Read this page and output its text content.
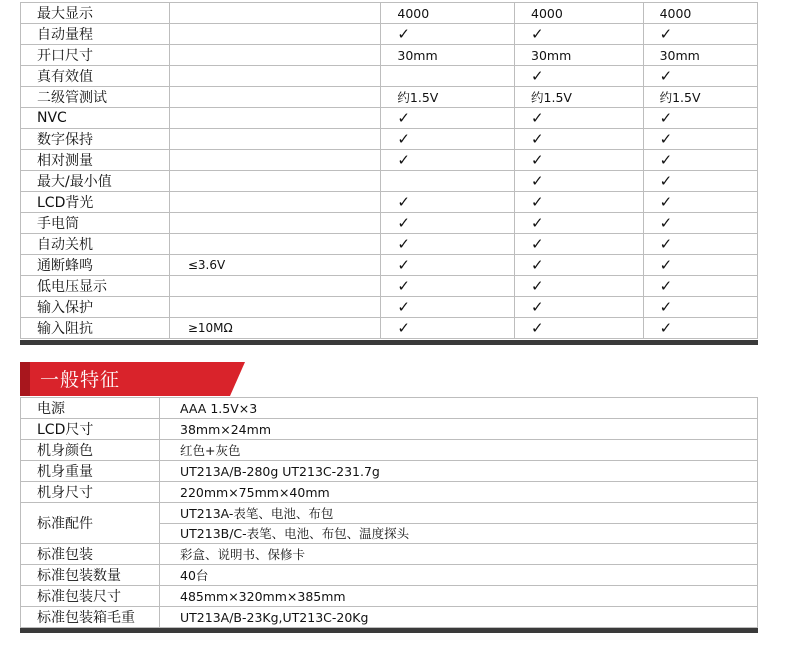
最大显示		4000	4000	4000
自动量程		✓	✓	✓
开口尺寸		30mm	30mm	30mm
真有效值			✓	✓
二级管测试		约1.5V	约1.5V	约1.5V
NVC		✓	✓	✓
数字保持		✓	✓	✓
相对测量		✓	✓	✓
最大/最小值			✓	✓
LCD背光		✓	✓	✓
手电筒		✓	✓	✓
自动关机		✓	✓	✓
通断蜂鸣	≤3.6V	✓	✓	✓
低电压显示		✓	✓	✓
输入保护		✓	✓	✓
输入阻抗	≥10MΩ	✓	✓	✓
一般特征
电源	AAA 1.5V×3
LCD尺寸	38mm×24mm
机身颜色	红色+灰色
机身重量	UT213A/B-280g UT213C-231.7g
机身尺寸	220mm×75mm×40mm
标准配件	UT213A-表笔、电池、布包
	UT213B/C-表笔、电池、布包、温度探头
标准包装	彩盒、说明书、保修卡
标准包装数量	40台
标准包装尺寸	485mm×320mm×385mm
标准包装箱毛重	UT213A/B-23Kg,UT213C-20Kg
